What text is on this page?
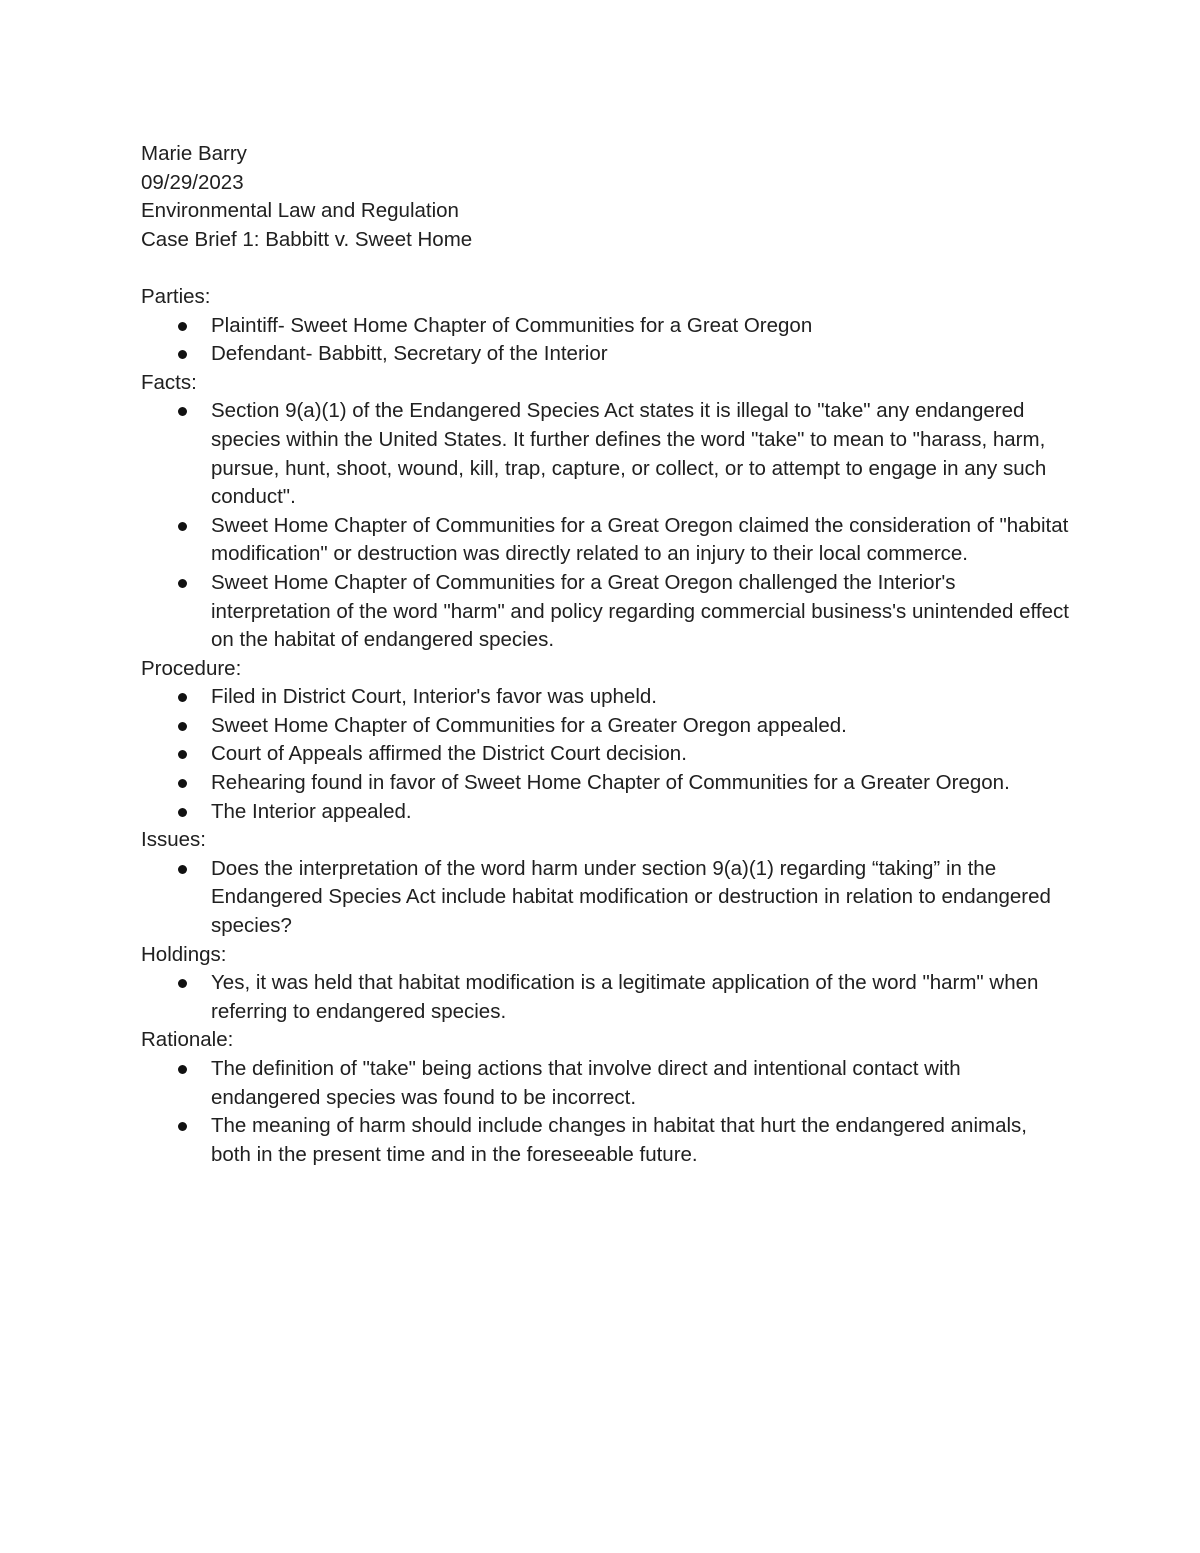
Marie Barry
09/29/2023
Environmental Law and Regulation
Case Brief 1: Babbitt v. Sweet Home
Parties:
Plaintiff- Sweet Home Chapter of Communities for a Great Oregon
Defendant- Babbitt, Secretary of the Interior
Facts:
Section 9(a)(1) of the Endangered Species Act states it is illegal to "take" any endangered species within the United States. It further defines the word "take" to mean to "harass, harm, pursue, hunt, shoot, wound, kill, trap, capture, or collect, or to attempt to engage in any such conduct".
Sweet Home Chapter of Communities for a Great Oregon claimed the consideration of "habitat modification" or destruction was directly related to an injury to their local commerce.
Sweet Home Chapter of Communities for a Great Oregon challenged the Interior's interpretation of the word "harm" and policy regarding commercial business's unintended effect on the habitat of endangered species.
Procedure:
Filed in District Court, Interior's favor was upheld.
Sweet Home Chapter of Communities for a Greater Oregon appealed.
Court of Appeals affirmed the District Court decision.
Rehearing found in favor of Sweet Home Chapter of Communities for a Greater Oregon.
The Interior appealed.
Issues:
Does the interpretation of the word harm under section 9(a)(1) regarding “taking” in the Endangered Species Act include habitat modification or destruction in relation to endangered species?
Holdings:
Yes, it was held that habitat modification is a legitimate application of the word "harm" when referring to endangered species.
Rationale:
The definition of "take" being actions that involve direct and intentional contact with endangered species was found to be incorrect.
The meaning of harm should include changes in habitat that hurt the endangered animals, both in the present time and in the foreseeable future.
